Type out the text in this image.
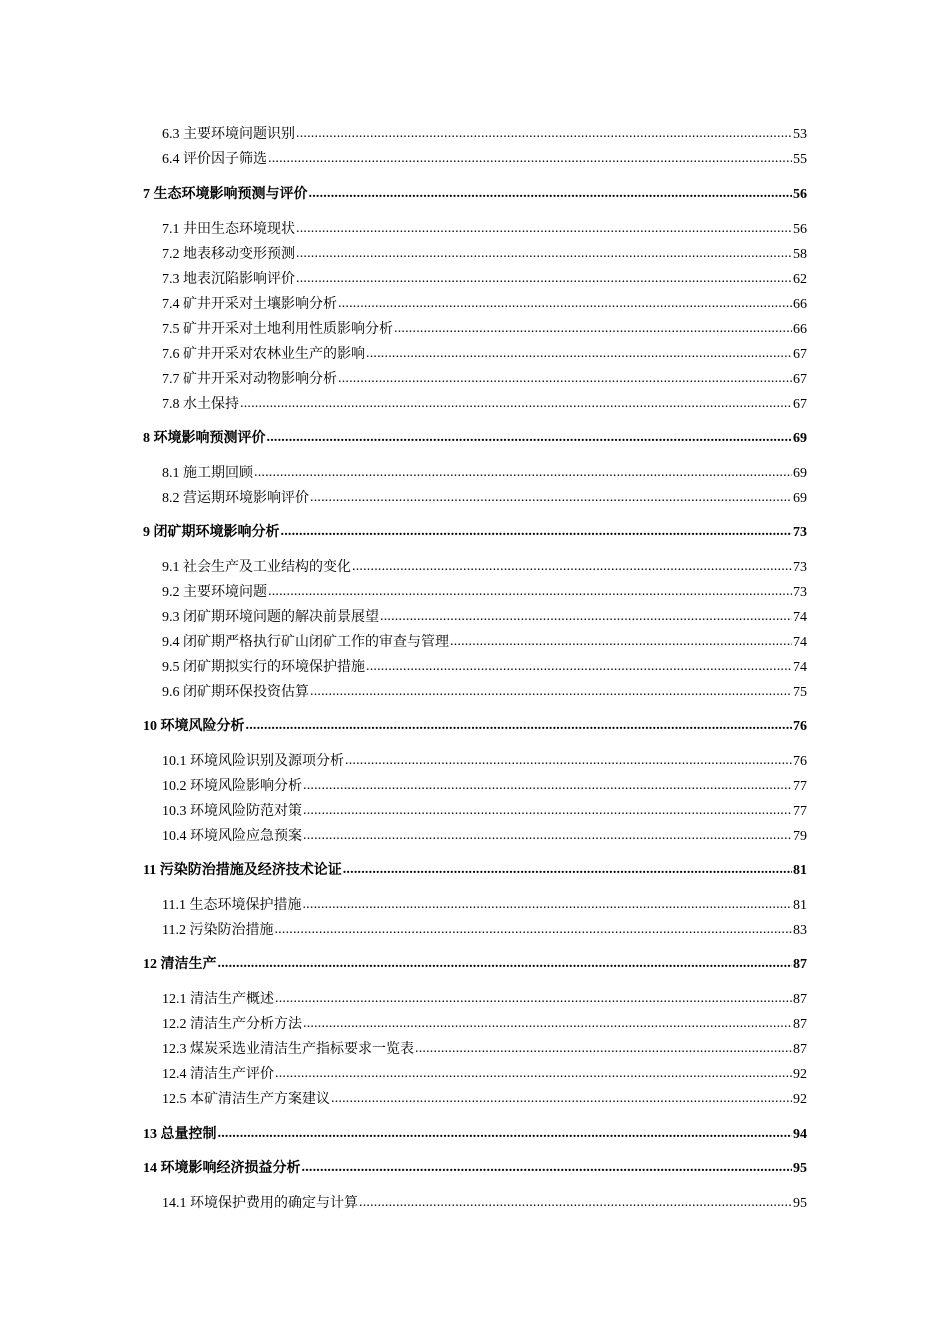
6.3 主要环境问题识别 .....	53
6.4 评价因子筛选 .....	55
7 生态环境影响预测与评价 .....	56
7.1 井田生态环境现状 .....	56
7.2 地表移动变形预测 .....	58
7.3 地表沉陷影响评价 .....	62
7.4 矿井开采对土壤影响分析 .....	66
7.5 矿井开采对土地利用性质影响分析 .....	66
7.6 矿井开采对农林业生产的影响 .....	67
7.7 矿井开采对动物影响分析 .....	67
7.8 水土保持 .....	67
8 环境影响预测评价 .....	69
8.1 施工期回顾 .....	69
8.2 营运期环境影响评价 .....	69
9 闭矿期环境影响分析 .....	73
9.1 社会生产及工业结构的变化 .....	73
9.2 主要环境问题 .....	73
9.3 闭矿期环境问题的解决前景展望 .....	74
9.4 闭矿期严格执行矿山闭矿工作的审查与管理 .....	74
9.5 闭矿期拟实行的环境保护措施 .....	74
9.6 闭矿期环保投资估算 .....	75
10 环境风险分析 .....	76
10.1 环境风险识别及源项分析 .....	76
10.2 环境风险影响分析 .....	77
10.3 环境风险防范对策 .....	77
10.4 环境风险应急预案 .....	79
11 污染防治措施及经济技术论证 .....	81
11.1 生态环境保护措施 .....	81
11.2 污染防治措施 .....	83
12 清洁生产 .....	87
12.1 清洁生产概述 .....	87
12.2 清洁生产分析方法 .....	87
12.3 煤炭采选业清洁生产指标要求一览表 .....	87
12.4 清洁生产评价 .....	92
12.5 本矿清洁生产方案建议 .....	92
13 总量控制 .....	94
14 环境影响经济损益分析 .....	95
14.1 环境保护费用的确定与计算 .....	95
